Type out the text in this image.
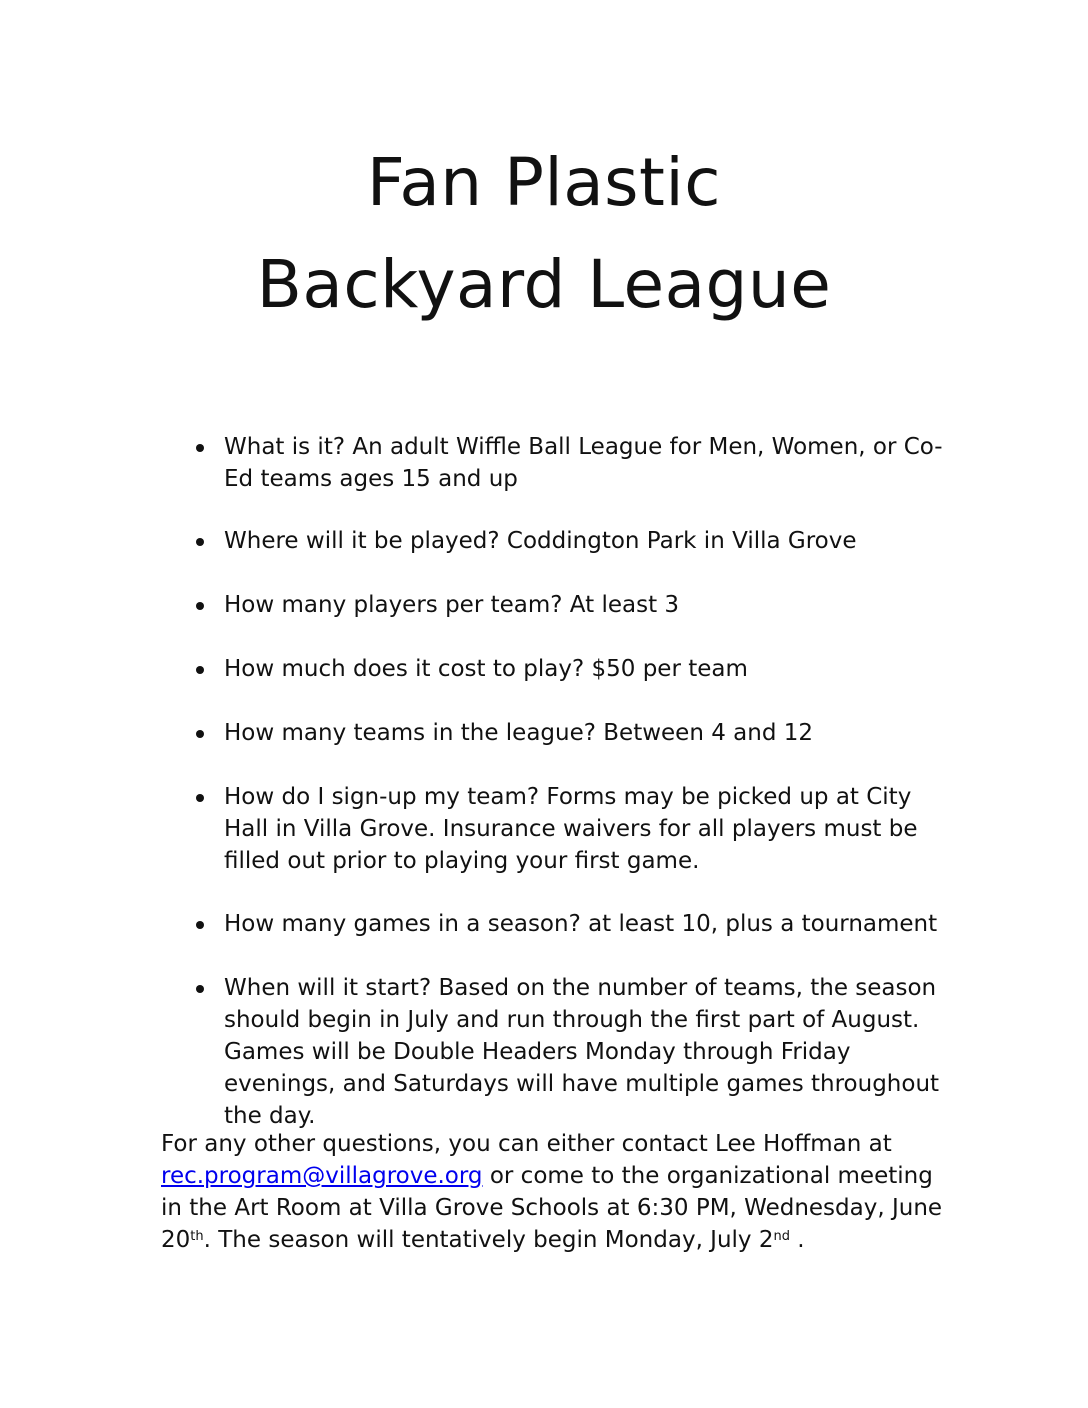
Fan Plastic
Backyard League
What is it? An adult Wiffle Ball League for Men, Women, or Co-Ed teams ages 15 and up
Where will it be played? Coddington Park in Villa Grove
How many players per team? At least 3
How much does it cost to play? $50 per team
How many teams in the league? Between 4 and 12
How do I sign-up my team? Forms may be picked up at City Hall in Villa Grove. Insurance waivers for all players must be filled out prior to playing your first game.
How many games in a season? at least 10, plus a tournament
When will it start? Based on the number of teams, the season should begin in July and run through the first part of August. Games will be Double Headers Monday through Friday evenings, and Saturdays will have multiple games throughout the day.

For any other questions, you can either contact Lee Hoffman at rec.program@villagrove.org or come to the organizational meeting in the Art Room at Villa Grove Schools at 6:30 PM, Wednesday, June 20th. The season will tentatively begin Monday, July 2nd .
